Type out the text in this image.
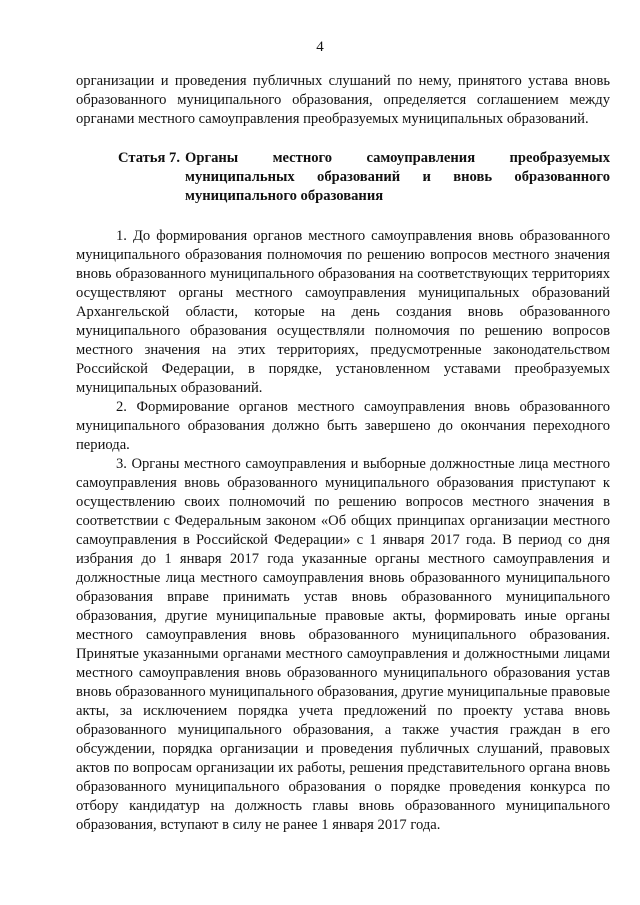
4

организации и проведения публичных слушаний по нему, принятого устава вновь образованного муниципального образования, определяется соглашением между органами местного самоуправления преобразуемых муниципальных образований.

Статья 7. Органы местного самоуправления преобразуемых муниципальных образований и вновь образованного муниципального образования

1. До формирования органов местного самоуправления вновь образованного муниципального образования полномочия по решению вопросов местного значения вновь образованного муниципального образования на соответствующих территориях осуществляют органы местного самоуправления муниципальных образований Архангельской области, которые на день создания вновь образованного муниципального образования осуществляли полномочия по решению вопросов местного значения на этих территориях, предусмотренные законодательством Российской Федерации, в порядке, установленном уставами преобразуемых муниципальных образований.

2. Формирование органов местного самоуправления вновь образованного муниципального образования должно быть завершено до окончания переходного периода.

3. Органы местного самоуправления и выборные должностные лица местного самоуправления вновь образованного муниципального образования приступают к осуществлению своих полномочий по решению вопросов местного значения в соответствии с Федеральным законом «Об общих принципах организации местного самоуправления в Российской Федерации» с 1 января 2017 года. В период со дня избрания до 1 января 2017 года указанные органы местного самоуправления и должностные лица местного самоуправления вновь образованного муниципального образования вправе принимать устав вновь образованного муниципального образования, другие муниципальные правовые акты, формировать иные органы местного самоуправления вновь образованного муниципального образования. Принятые указанными органами местного самоуправления и должностными лицами местного самоуправления вновь образованного муниципального образования устав вновь образованного муниципального образования, другие муниципальные правовые акты, за исключением порядка учета предложений по проекту устава вновь образованного муниципального образования, а также участия граждан в его обсуждении, порядка организации и проведения публичных слушаний, правовых актов по вопросам организации их работы, решения представительного органа вновь образованного муниципального образования о порядке проведения конкурса по отбору кандидатур на должность главы вновь образованного муниципального образования, вступают в силу не ранее 1 января 2017 года.
